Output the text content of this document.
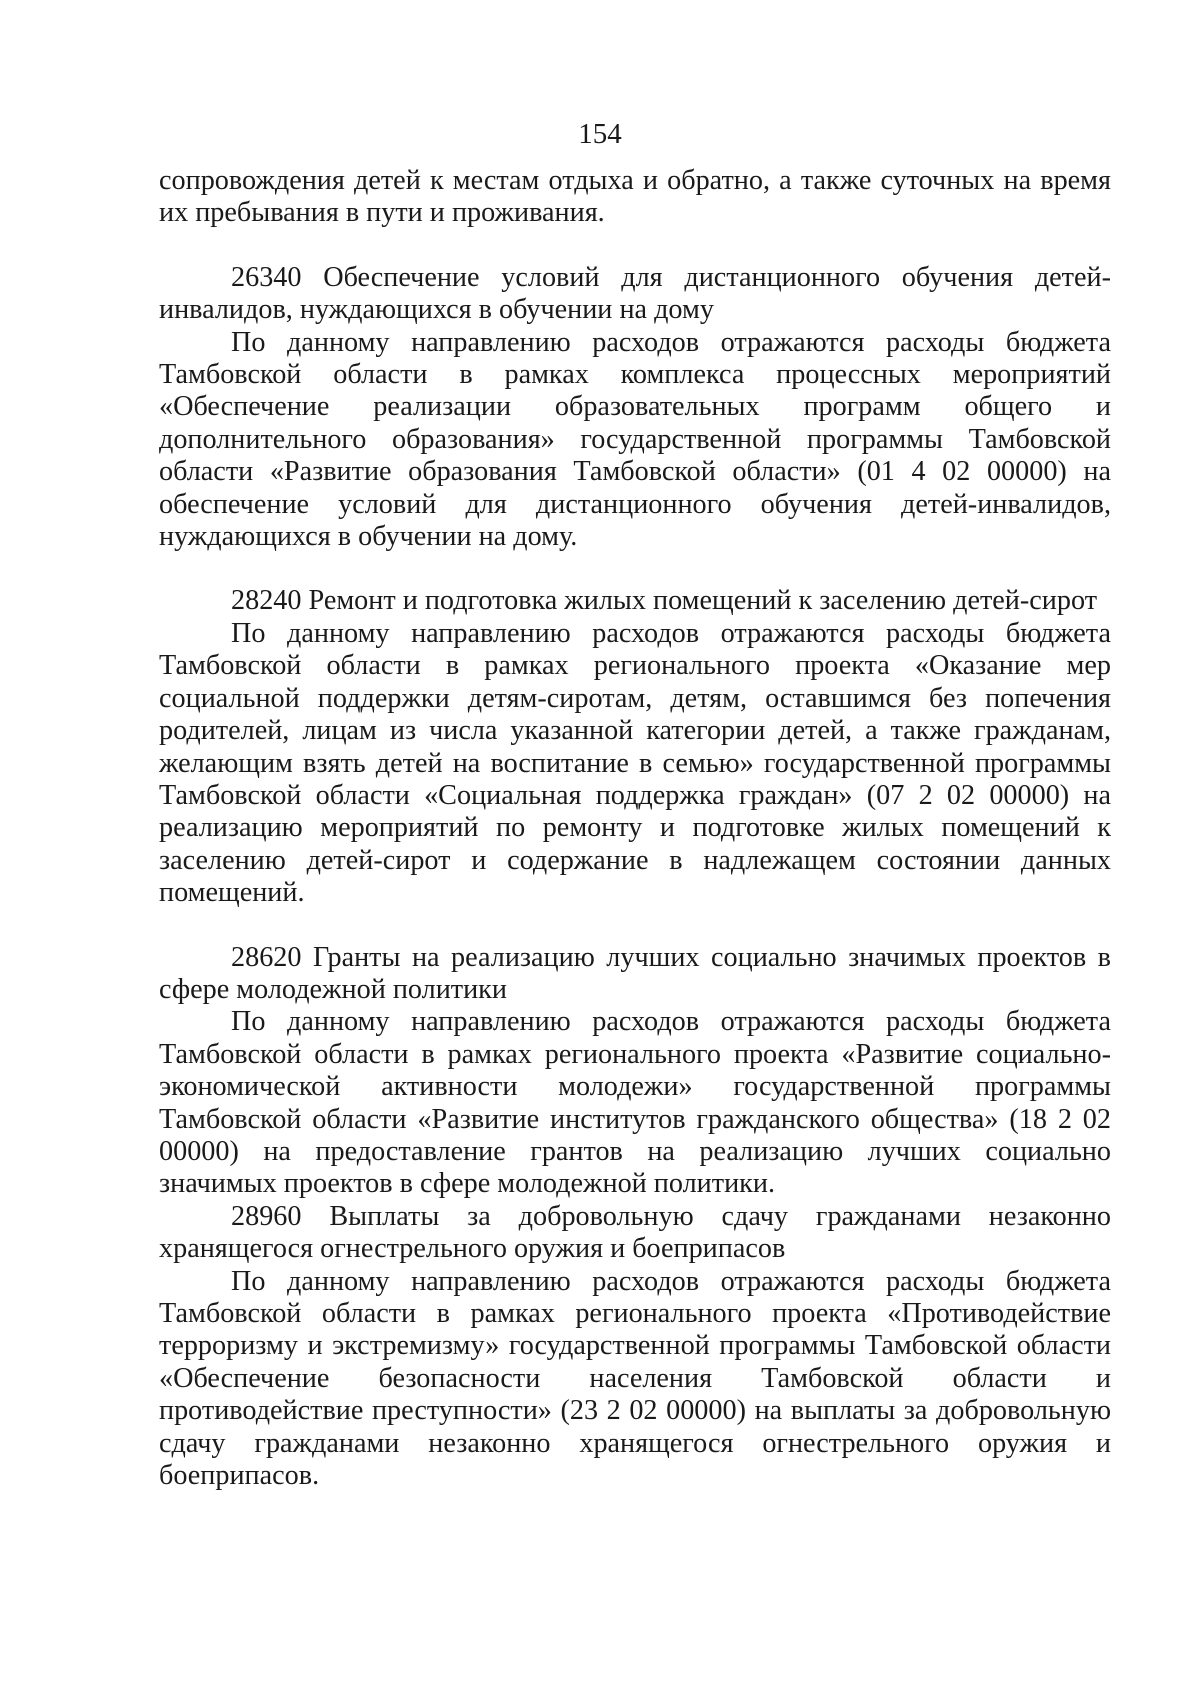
154

сопровождения детей к местам отдыха и обратно, а также суточных на время их пребывания в пути и проживания.

26340 Обеспечение условий для дистанционного обучения детей-инвалидов, нуждающихся в обучении на дому

По данному направлению расходов отражаются расходы бюджета Тамбовской области в рамках комплекса процессных мероприятий «Обеспечение реализации образовательных программ общего и дополнительного образования» государственной программы Тамбовской области «Развитие образования Тамбовской области» (01 4 02 00000) на обеспечение условий для дистанционного обучения детей-инвалидов, нуждающихся в обучении на дому.

28240 Ремонт и подготовка жилых помещений к заселению детей-сирот

По данному направлению расходов отражаются расходы бюджета Тамбовской области в рамках регионального проекта «Оказание мер социальной поддержки детям-сиротам, детям, оставшимся без попечения родителей, лицам из числа указанной категории детей, а также гражданам, желающим взять детей на воспитание в семью» государственной программы Тамбовской области «Социальная поддержка граждан» (07 2 02 00000) на реализацию мероприятий по ремонту и подготовке жилых помещений к заселению детей-сирот и содержание в надлежащем состоянии данных помещений.

28620 Гранты на реализацию лучших социально значимых проектов в сфере молодежной политики

По данному направлению расходов отражаются расходы бюджета Тамбовской области в рамках регионального проекта «Развитие социально-экономической активности молодежи» государственной программы Тамбовской области «Развитие институтов гражданского общества» (18 2 02 00000) на предоставление грантов на реализацию лучших социально значимых проектов в сфере молодежной политики.

28960 Выплаты за добровольную сдачу гражданами незаконно хранящегося огнестрельного оружия и боеприпасов

По данному направлению расходов отражаются расходы бюджета Тамбовской области в рамках регионального проекта «Противодействие терроризму и экстремизму» государственной программы Тамбовской области «Обеспечение безопасности населения Тамбовской области и противодействие преступности» (23 2 02 00000) на выплаты за добровольную сдачу гражданами незаконно хранящегося огнестрельного оружия и боеприпасов.
